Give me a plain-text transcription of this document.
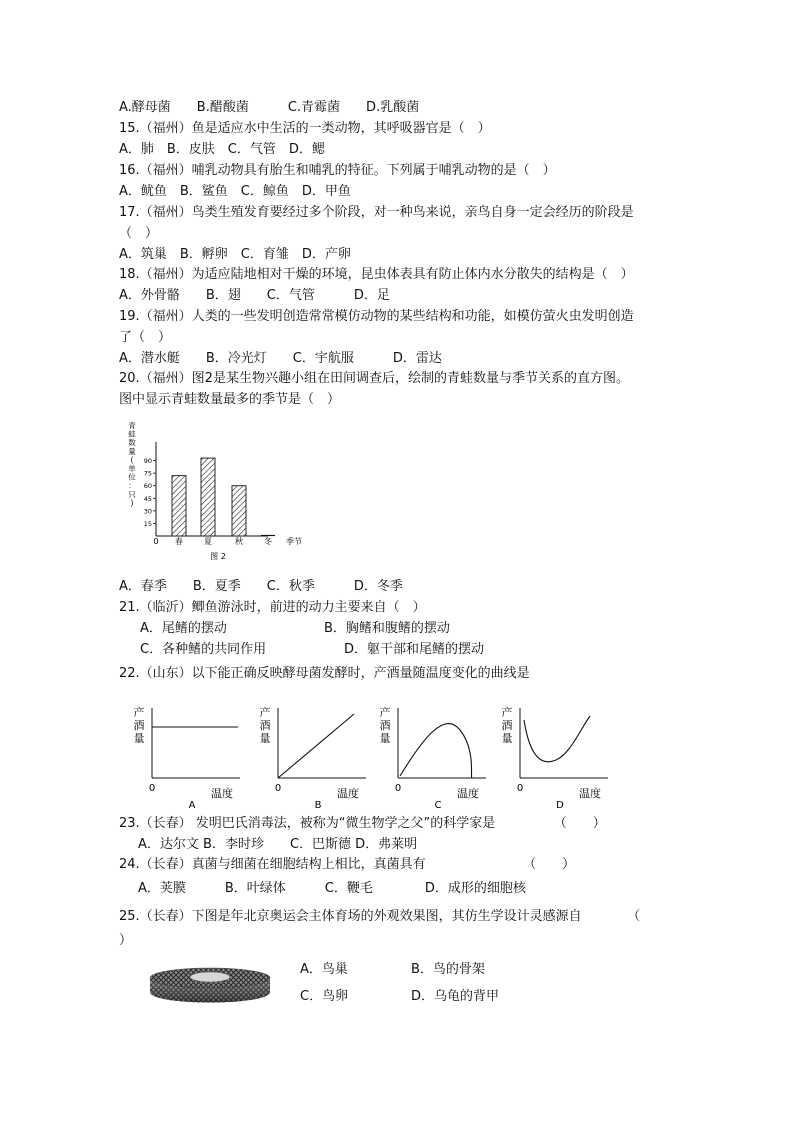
A.酵母菌　　B.醋酸菌　　　C.青霉菌　　D.乳酸菌
15.（福州）鱼是适应水中生活的一类动物，其呼吸器官是（　）
A．肺　B．皮肤　C．气管　D．鳃
16.（福州）哺乳动物具有胎生和哺乳的特征。下列属于哺乳动物的是（　）
A．鱿鱼　B．鲨鱼　C．鲸鱼　D．甲鱼
17.（福州）鸟类生殖发育要经过多个阶段，对一种鸟来说，亲鸟自身一定会经历的阶段是
（　）
A．筑巢　B．孵卵　C．育雏　D．产卵
18.（福州）为适应陆地相对干燥的环境，昆虫体表具有防止体内水分散失的结构是（　）
A．外骨骼　　B．翅　　C．气管　　　D．足
19.（福州）人类的一些发明创造常常模仿动物的某些结构和功能，如模仿萤火虫发明创造
了（　）
A．潜水艇　　B．冷光灯　　C．宇航服　　　D．雷达
20.（福州）图2是某生物兴趣小组在田间调查后，绘制的青蛙数量与季节关系的直方图。
图中显示青蛙数量最多的季节是（　）
青
蛙
数
量
(
单
位
：
只
)
15
30
45
60
75
90
春	夏	秋	冬
0	季节
图 2
A．春季　　B．夏季　　C．秋季　　　D．冬季
21.（临沂）鲫鱼游泳时，前进的动力主要来自（　）
A．尾鳍的摆动	B．胸鳍和腹鳍的摆动
C．各种鳍的共同作用	D．躯干部和尾鳍的摆动
22.（山东）以下能正确反映酵母菌发酵时，产酒量随温度变化的曲线是
产
酒
量
0	温度
A
产
酒
量
0	温度
B
产
酒
量
0	温度
C
产
酒
量
0	温度
D
23.（长春） 发明巴氏消毒法，被称为“微生物学之父”的科学家是　　　　　（　　）
A．达尔文 B．李时珍　　C．巴斯德 D．弗莱明
24.（长春）真菌与细菌在细胞结构上相比，真菌具有　　　　　　　　（　　）
A．荚膜　　　B．叶绿体　　　C．鞭毛　　　　D．成形的细胞核
25.（长春）下图是年北京奥运会主体育场的外观效果图，其仿生学设计灵感源自　　　　（
）
A．鸟巢	B．鸟的骨架
C．鸟卵	D．乌龟的背甲
